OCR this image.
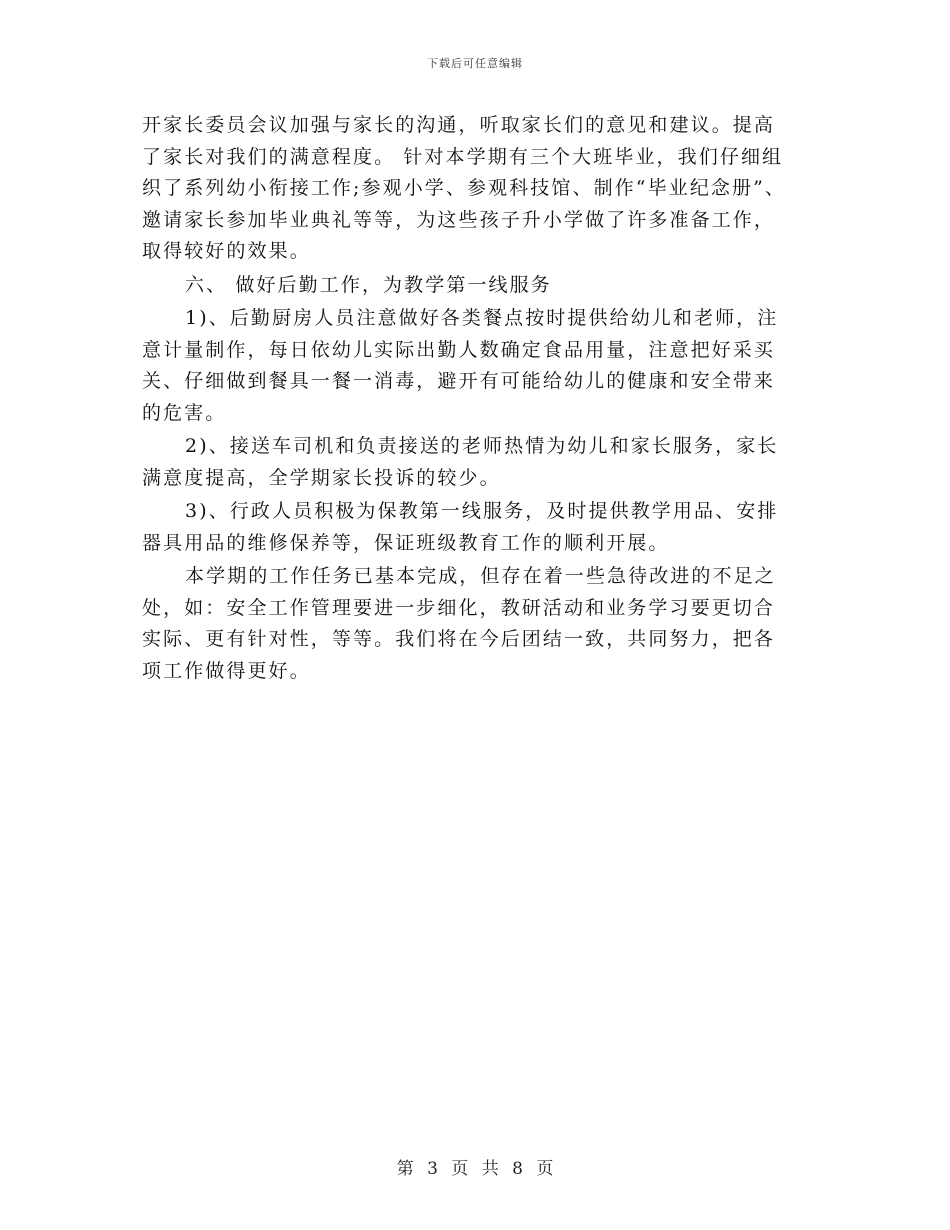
下载后可任意编辑
开家长委员会议加强与家长的沟通，听取家长们的意见和建议。提高
了家长对我们的满意程度。 针对本学期有三个大班毕业，我们仔细组
织了系列幼小衔接工作;参观小学、参观科技馆、制作“毕业纪念册”、
邀请家长参加毕业典礼等等，为这些孩子升小学做了许多准备工作，
取得较好的效果。
六、 做好后勤工作，为教学第一线服务
1)、后勤厨房人员注意做好各类餐点按时提供给幼儿和老师，注
意计量制作，每日依幼儿实际出勤人数确定食品用量，注意把好采买
关、仔细做到餐具一餐一消毒，避开有可能给幼儿的健康和安全带来
的危害。
2)、接送车司机和负责接送的老师热情为幼儿和家长服务，家长
满意度提高，全学期家长投诉的较少。
3)、行政人员积极为保教第一线服务，及时提供教学用品、安排
器具用品的维修保养等，保证班级教育工作的顺利开展。
本学期的工作任务已基本完成，但存在着一些急待改进的不足之
处，如：安全工作管理要进一步细化，教研活动和业务学习要更切合
实际、更有针对性，等等。我们将在今后团结一致，共同努力，把各
项工作做得更好。
第 3 页 共 8 页
